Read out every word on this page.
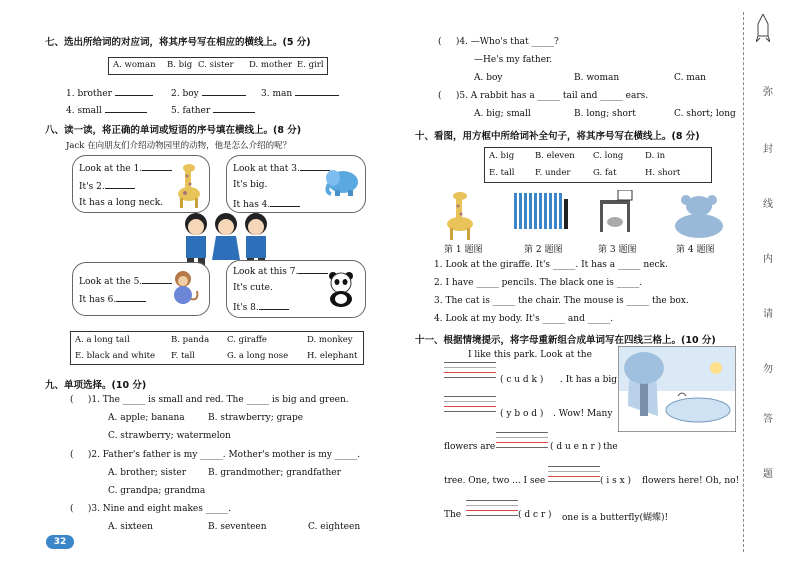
七、选出所给词的对应词，将其序号写在相应的横线上。(5 分)
A. woman B. big C. sister D. mother E. girl
1. brother	2. boy	3. man
4. small	5. father
八、读一读，将正确的单词或短语的序号填在横线上。(8 分)
Jack 在向朋友们介绍动物园里的动物，他是怎么介绍的呢？
Look at the 1.
It's 2.
It has a long neck.
Look at that 3.
It's big.
It has 4.
Look at the 5.
It has 6.
Look at this 7.
It's cute.
It's 8.
A. a long tail	B. panda C. giraffe	D. monkey
E. black and white F. tall	G. a long nose H. elephant
九、单项选择。(10 分)
(     )1. The _____ is small and red. The _____ is big and green.
A. apple; banana	B. strawberry; grape
C. strawberry; watermelon
(     )2. Father's father is my _____. Mother's mother is my _____.
A. brother; sister B. grandmother; grandfather
C. grandpa; grandma
(     )3. Nine and eight makes _____.
A. sixteen	B. seventeen	C. eighteen
32
(     )4. —Who's that _____?
—He's my father.
A. boy	B. woman	C. man
(     )5. A rabbit has a _____ tail and _____ ears.
A. big; small	B. long; short	C. short; long
十、看图，用方框中所给词补全句子，将其序号写在横线上。(8 分)
A. big B. eleven C. long	D. in
E. tall F. under	G. fat	H. short
第 1 题图	第 2 题图	第 3 题图	第 4 题图
1. Look at the giraffe. It's _____. It has a _____ neck.
2. I have _____ pencils. The black one is _____.
3. The cat is _____ the chair. The mouse is _____ the box.
4. Look at my body. It's _____ and _____.
十一、根据情境提示，将字母重新组合成单词写在四线三格上。(10 分)
I like this park. Look at the
( c u d k ) . It has a big
( y b o d ) . Wow! Many
flowers are	( d u e n r ) the
tree. One, two ... I see	( i s x ) flowers here! Oh, no!
The	( d c r ) one is a butterfly(蝴蝶)!
弥
封
线
内
请
勿
答
题
